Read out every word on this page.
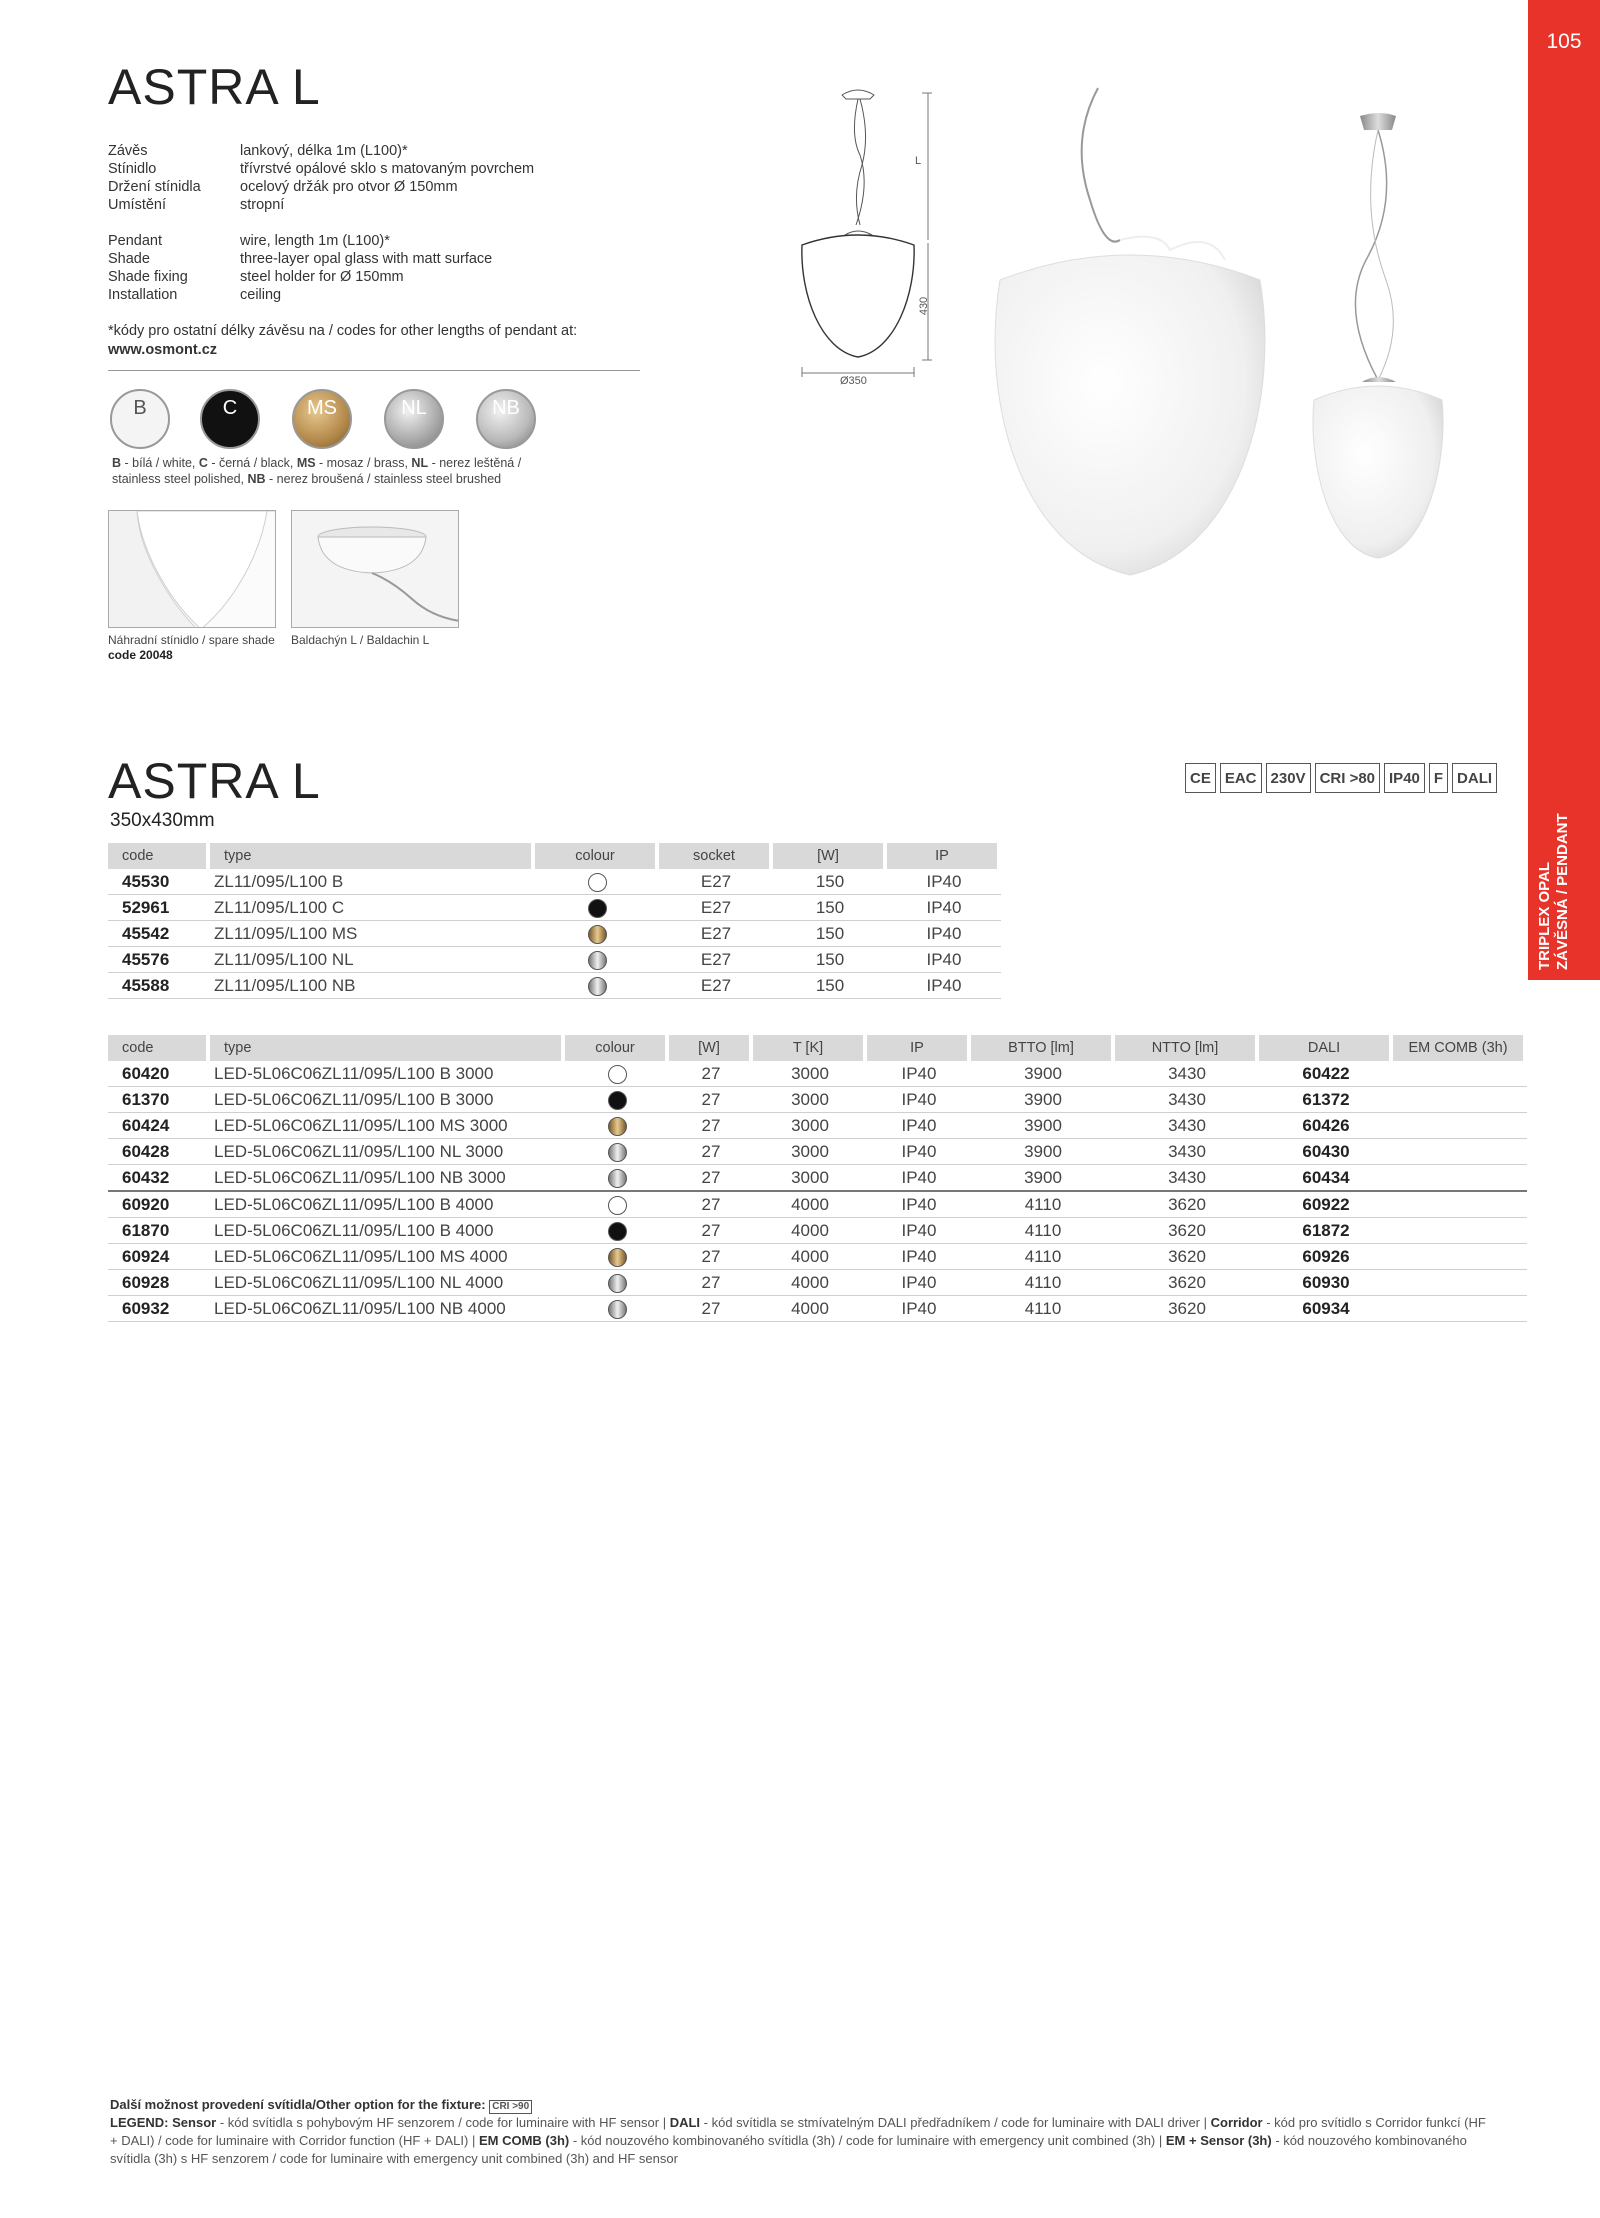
105
TRIPLEX OPAL ZÁVĚSNÁ / PENDANT
ASTRA L
Závěs	lankový, délka 1m (L100)*
Stínidlo	třívrstvé opálové sklo s matovaným povrchem
Držení stínidla	ocelový držák pro otvor Ø 150mm
Umístění	stropní
Pendant	wire, length 1m (L100)*
Shade	three-layer opal glass with matt surface
Shade fixing	steel holder for Ø 150mm
Installation	ceiling
*kódy pro ostatní délky závěsu na / codes for other lengths of pendant at:
www.osmont.cz
B	C	MS	NL	NB
B - bílá / white, C - černá / black, MS - mosaz / brass, NL - nerez leštěná /
stainless steel polished, NB - nerez broušená / stainless steel brushed
Náhradní stínidlo / spare shade
code 20048
Baldachýn L / Baldachin L
L
430
Ø350
ASTRA L
350x430mm
CE EAC 230V CRI >80 IP40 F DALI
code	type	colour	socket	[W]	IP
45530	ZL11/095/L100 B		E27	150	IP40
52961	ZL11/095/L100 C		E27	150	IP40
45542	ZL11/095/L100 MS		E27	150	IP40
45576	ZL11/095/L100 NL		E27	150	IP40
45588	ZL11/095/L100 NB		E27	150	IP40
code	type	colour	[W]	T [K]	IP	BTTO [lm]	NTTO [lm]	DALI	EM COMB (3h)
60420	LED-5L06C06ZL11/095/L100 B 3000		27	3000	IP40	3900	3430	60422	
61370	LED-5L06C06ZL11/095/L100 B 3000		27	3000	IP40	3900	3430	61372	
60424	LED-5L06C06ZL11/095/L100 MS 3000		27	3000	IP40	3900	3430	60426	
60428	LED-5L06C06ZL11/095/L100 NL 3000		27	3000	IP40	3900	3430	60430	
60432	LED-5L06C06ZL11/095/L100 NB 3000		27	3000	IP40	3900	3430	60434	
60920	LED-5L06C06ZL11/095/L100 B 4000		27	4000	IP40	4110	3620	60922	
61870	LED-5L06C06ZL11/095/L100 B 4000		27	4000	IP40	4110	3620	61872	
60924	LED-5L06C06ZL11/095/L100 MS 4000		27	4000	IP40	4110	3620	60926	
60928	LED-5L06C06ZL11/095/L100 NL 4000		27	4000	IP40	4110	3620	60930	
60932	LED-5L06C06ZL11/095/L100 NB 4000		27	4000	IP40	4110	3620	60934	
Další možnost provedení svítidla/Other option for the fixture: CRI >90
LEGEND: Sensor - kód svítidla s pohybovým HF senzorem / code for luminaire with HF sensor | DALI - kód svítidla se stmívatelným DALI předřadníkem / code for luminaire with DALI driver | Corridor - kód pro svítidlo s Corridor funkcí (HF + DALI) / code for luminaire with Corridor function (HF + DALI) | EM COMB (3h) - kód nouzového kombinovaného svítidla (3h) / code for luminaire with emergency unit combined (3h) | EM + Sensor (3h) - kód nouzového kombinovaného svítidla (3h) s HF senzorem / code for luminaire with emergency unit combined (3h) and HF sensor
